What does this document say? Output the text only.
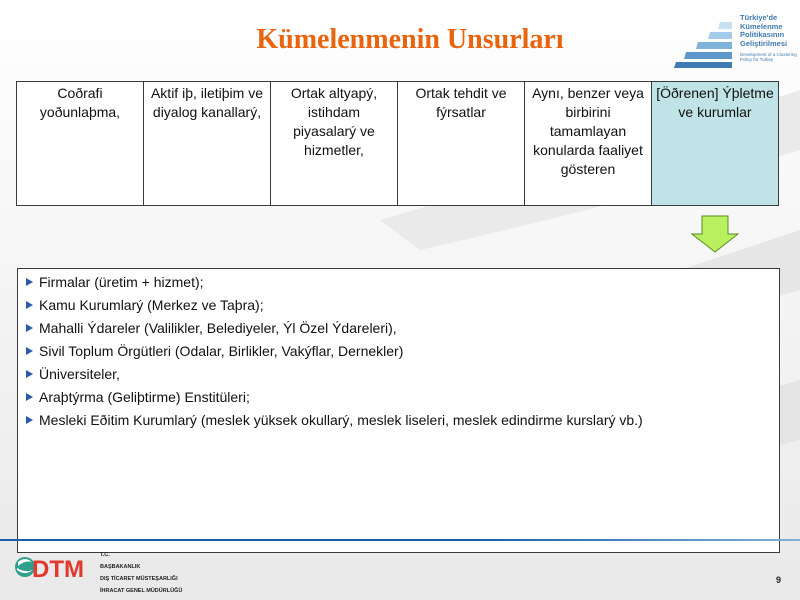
Kümelenmenin Unsurları
Türkiye'de
Kümelenme
Politikasının
Geliştirilmesi
Development of a Clustering Policy for Turkey
Coðrafi yoðunlaþma,	Aktif iþ, iletiþim ve diyalog kanallarý,	Ortak altyapý, istihdam piyasalarý ve hizmetler,	Ortak tehdit ve fýrsatlar	Aynı, benzer veya birbirini tamamlayan konularda faaliyet gösteren	[Öðrenen] Ýþletme ve kurumlar
Firmalar (üretim + hizmet);
Kamu Kurumlarý (Merkez ve Taþra);
Mahalli Ýdareler (Valilikler, Belediyeler, Ýl Özel Ýdareleri),
Sivil Toplum Örgütleri (Odalar, Birlikler, Vakýflar, Dernekler)
Üniversiteler,
Araþtýrma (Geliþtirme) Enstitüleri;
Mesleki Eðitim Kurumlarý (meslek yüksek okullarý, meslek liseleri, meslek edindirme kurslarý vb.)
DTM
T.C.
BAŞBAKANLIK
DIŞ TİCARET MÜSTEŞARLIĞI
İHRACAT GENEL MÜDÜRLÜĞÜ
9
